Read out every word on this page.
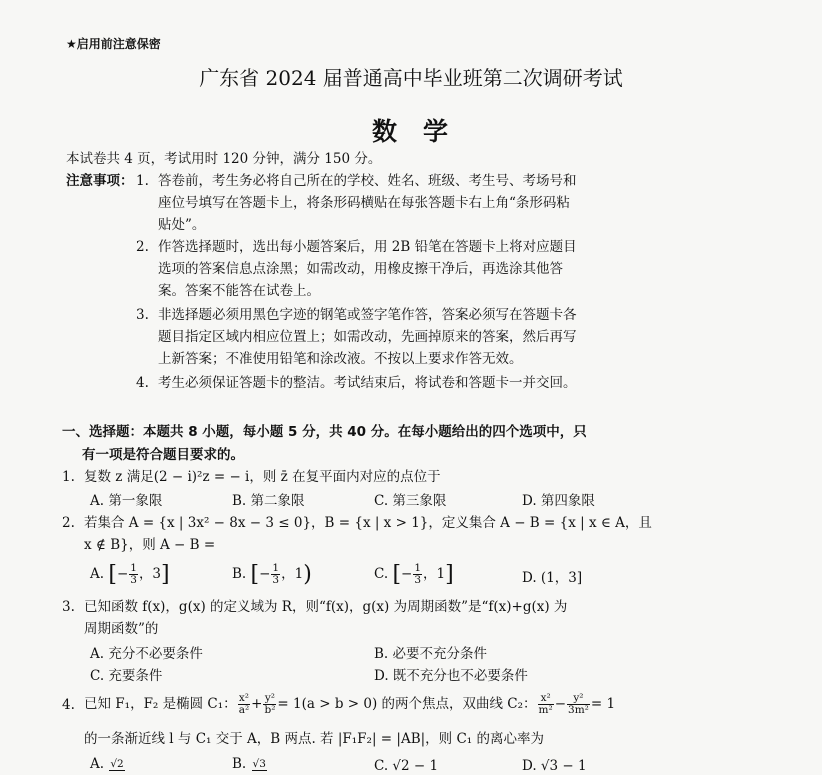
★启用前注意保密
广东省 2024 届普通高中毕业班第二次调研考试
数学
本试卷共 4 页，考试用时 120 分钟，满分 150 分。
注意事项： 1. 答卷前，考生务必将自己所在的学校、姓名、班级、考生号、考场号和
座位号填写在答题卡上，将条形码横贴在每张答题卡右上角“条形码粘
贴处”。
2. 作答选择题时，选出每小题答案后，用 2B 铅笔在答题卡上将对应题目
选项的答案信息点涂黑；如需改动，用橡皮擦干净后，再选涂其他答
案。答案不能答在试卷上。
3. 非选择题必须用黑色字迹的钢笔或签字笔作答，答案必须写在答题卡各
题目指定区域内相应位置上；如需改动，先画掉原来的答案，然后再写
上新答案；不准使用铅笔和涂改液。不按以上要求作答无效。
4. 考生必须保证答题卡的整洁。考试结束后，将试卷和答题卡一并交回。
一、选择题：本题共 8 小题，每小题 5 分，共 40 分。在每小题给出的四个选项中，只
有一项是符合题目要求的。
1. 复数 z 满足(2 − i)²z = − i，则 z̄ 在复平面内对应的点位于
A. 第一象限	B. 第二象限	C. 第三象限	D. 第四象限
2. 若集合 A = {x | 3x² − 8x − 3 ≤ 0}，B = {x | x > 1}，定义集合 A − B = {x | x ∈ A，且
x ∉ B}，则 A − B =
A. [− $\frac{1}{3}$ ，3]	B. [− $\frac{1}{3}$ ，1)	C. [− $\frac{1}{3}$ ，1]	D. (1，3]
3. 已知函数 f(x)，g(x) 的定义域为 R，则“f(x)，g(x) 为周期函数”是“f(x)+g(x) 为
周期函数”的
A. 充分不必要条件	B. 必要不充分条件
C. 充要条件	D. 既不充分也不必要条件
4. 已知 F₁，F₂ 是椭圆 C₁： $\frac{\text{x²}}{\text{a²}} + \frac{\text{y²}}{\text{b²}} = 1(a > b > 0)$ 的两个焦点，双曲线 C₂： $\frac{\text{x²}}{\text{m²}} - \frac{\text{y²}}{\text{3m²}} = 1$
的一条渐近线 l 与 C₁ 交于 A，B 两点. 若 |F₁F₂| = |AB|，则 C₁ 的离心率为
A. √2	B. √3	C. √2 − 1	D. √3 − 1
